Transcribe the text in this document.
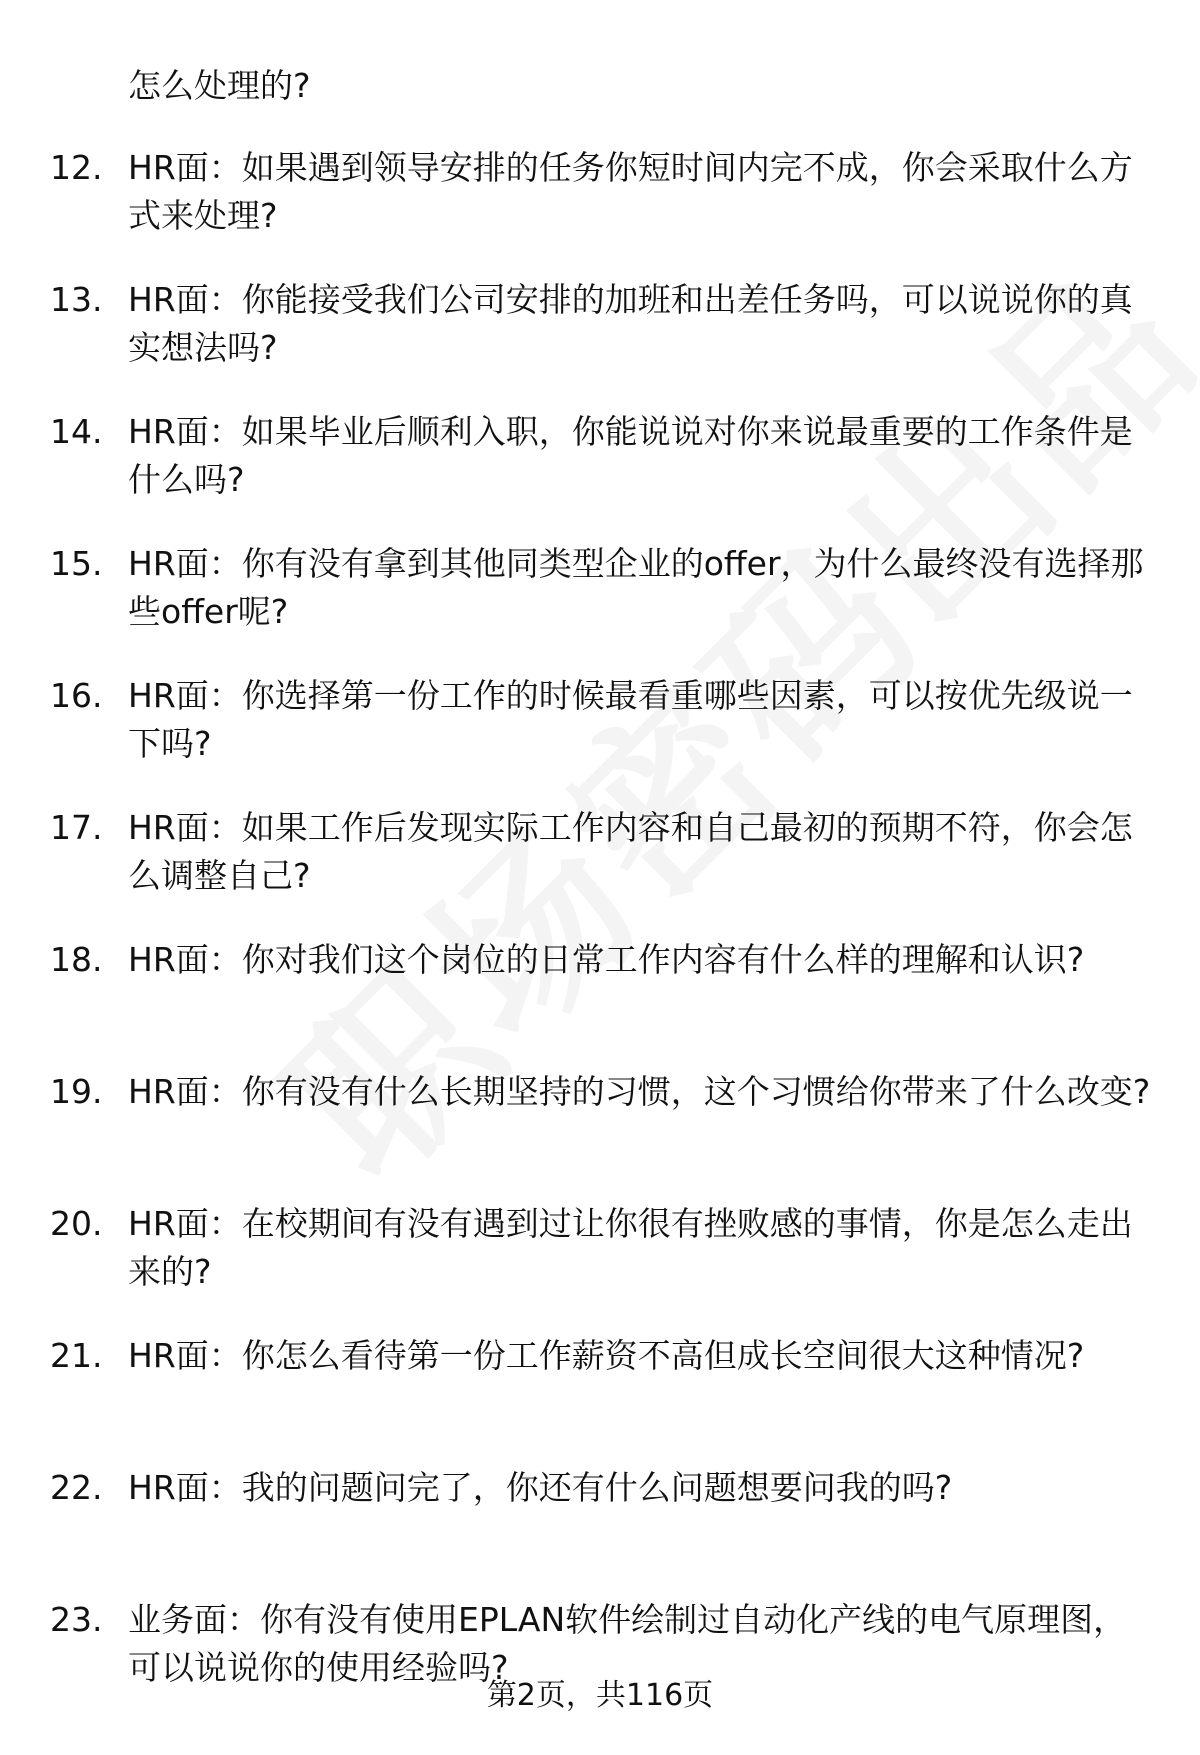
怎么处理的?
12. HR面：如果遇到领导安排的任务你短时间内完不成，你会采取什么方式来处理?
13. HR面：你能接受我们公司安排的加班和出差任务吗，可以说说你的真实想法吗?
14. HR面：如果毕业后顺利入职，你能说说对你来说最重要的工作条件是什么吗?
15. HR面：你有没有拿到其他同类型企业的offer，为什么最终没有选择那些offer呢?
16. HR面：你选择第一份工作的时候最看重哪些因素，可以按优先级说一下吗?
17. HR面：如果工作后发现实际工作内容和自己最初的预期不符，你会怎么调整自己?
18. HR面：你对我们这个岗位的日常工作内容有什么样的理解和认识?
19. HR面：你有没有什么长期坚持的习惯，这个习惯给你带来了什么改变?
20. HR面：在校期间有没有遇到过让你很有挫败感的事情，你是怎么走出来的?
21. HR面：你怎么看待第一份工作薪资不高但成长空间很大这种情况?
22. HR面：我的问题问完了，你还有什么问题想要问我的吗?
23. 业务面：你有没有使用EPLAN软件绘制过自动化产线的电气原理图，可以说说你的使用经验吗?
第2页，共116页
